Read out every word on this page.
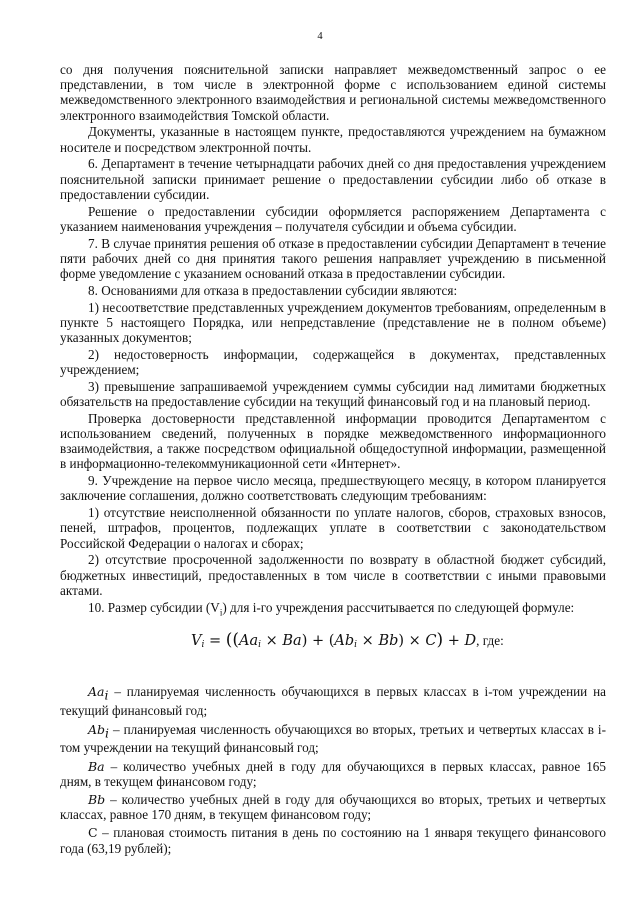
4

со дня получения пояснительной записки направляет межведомственный запрос о ее представлении, в том числе в электронной форме с использованием единой системы межведомственного электронного взаимодействия и региональной системы межведомственного электронного взаимодействия Томской области.

Документы, указанные в настоящем пункте, предоставляются учреждением на бумажном носителе и посредством электронной почты.

6. Департамент в течение четырнадцати рабочих дней со дня предоставления учреждением пояснительной записки принимает решение о предоставлении субсидии либо об отказе в предоставлении субсидии.

Решение о предоставлении субсидии оформляется распоряжением Департамента с указанием наименования учреждения – получателя субсидии и объема субсидии.

7. В случае принятия решения об отказе в предоставлении субсидии Департамент в течение пяти рабочих дней со дня принятия такого решения направляет учреждению в письменной форме уведомление с указанием оснований отказа в предоставлении субсидии.

8. Основаниями для отказа в предоставлении субсидии являются:

1) несоответствие представленных учреждением документов требованиям, определенным в пункте 5 настоящего Порядка, или непредставление (представление не в полном объеме) указанных документов;

2) недостоверность информации, содержащейся в документах, представленных учреждением;

3) превышение запрашиваемой учреждением суммы субсидии над лимитами бюджетных обязательств на предоставление субсидии на текущий финансовый год и на плановый период.

Проверка достоверности представленной информации проводится Департаментом с использованием сведений, полученных в порядке межведомственного информационного взаимодействия, а также посредством официальной общедоступной информации, размещенной в информационно-телекоммуникационной сети «Интернет».

9. Учреждение на первое число месяца, предшествующего месяцу, в котором планируется заключение соглашения, должно соответствовать следующим требованиям:

1) отсутствие неисполненной обязанности по уплате налогов, сборов, страховых взносов, пеней, штрафов, процентов, подлежащих уплате в соответствии с законодательством Российской Федерации о налогах и сборах;

2) отсутствие просроченной задолженности по возврату в областной бюджет субсидий, бюджетных инвестиций, предоставленных в том числе в соответствии с иными правовыми актами.

10. Размер субсидии $(V_i)$ для i-го учреждения рассчитывается по следующей формуле:

$V_i = ((Aa_i \times Ba) + (Ab_i \times Bb) \times C) + D$, где:

$Aa_i$ – планируемая численность обучающихся в первых классах в i-том учреждении на текущий финансовый год;

$Ab_i$ – планируемая численность обучающихся во вторых, третьих и четвертых классах в i-том учреждении на текущий финансовый год;

Ba – количество учебных дней в году для обучающихся в первых классах, равное 165 дням, в текущем финансовом году;

Bb – количество учебных дней в году для обучающихся во вторых, третьих и четвертых классах, равное 170 дням, в текущем финансовом году;

C – плановая стоимость питания в день по состоянию на 1 января текущего финансового года (63,19 рублей);
